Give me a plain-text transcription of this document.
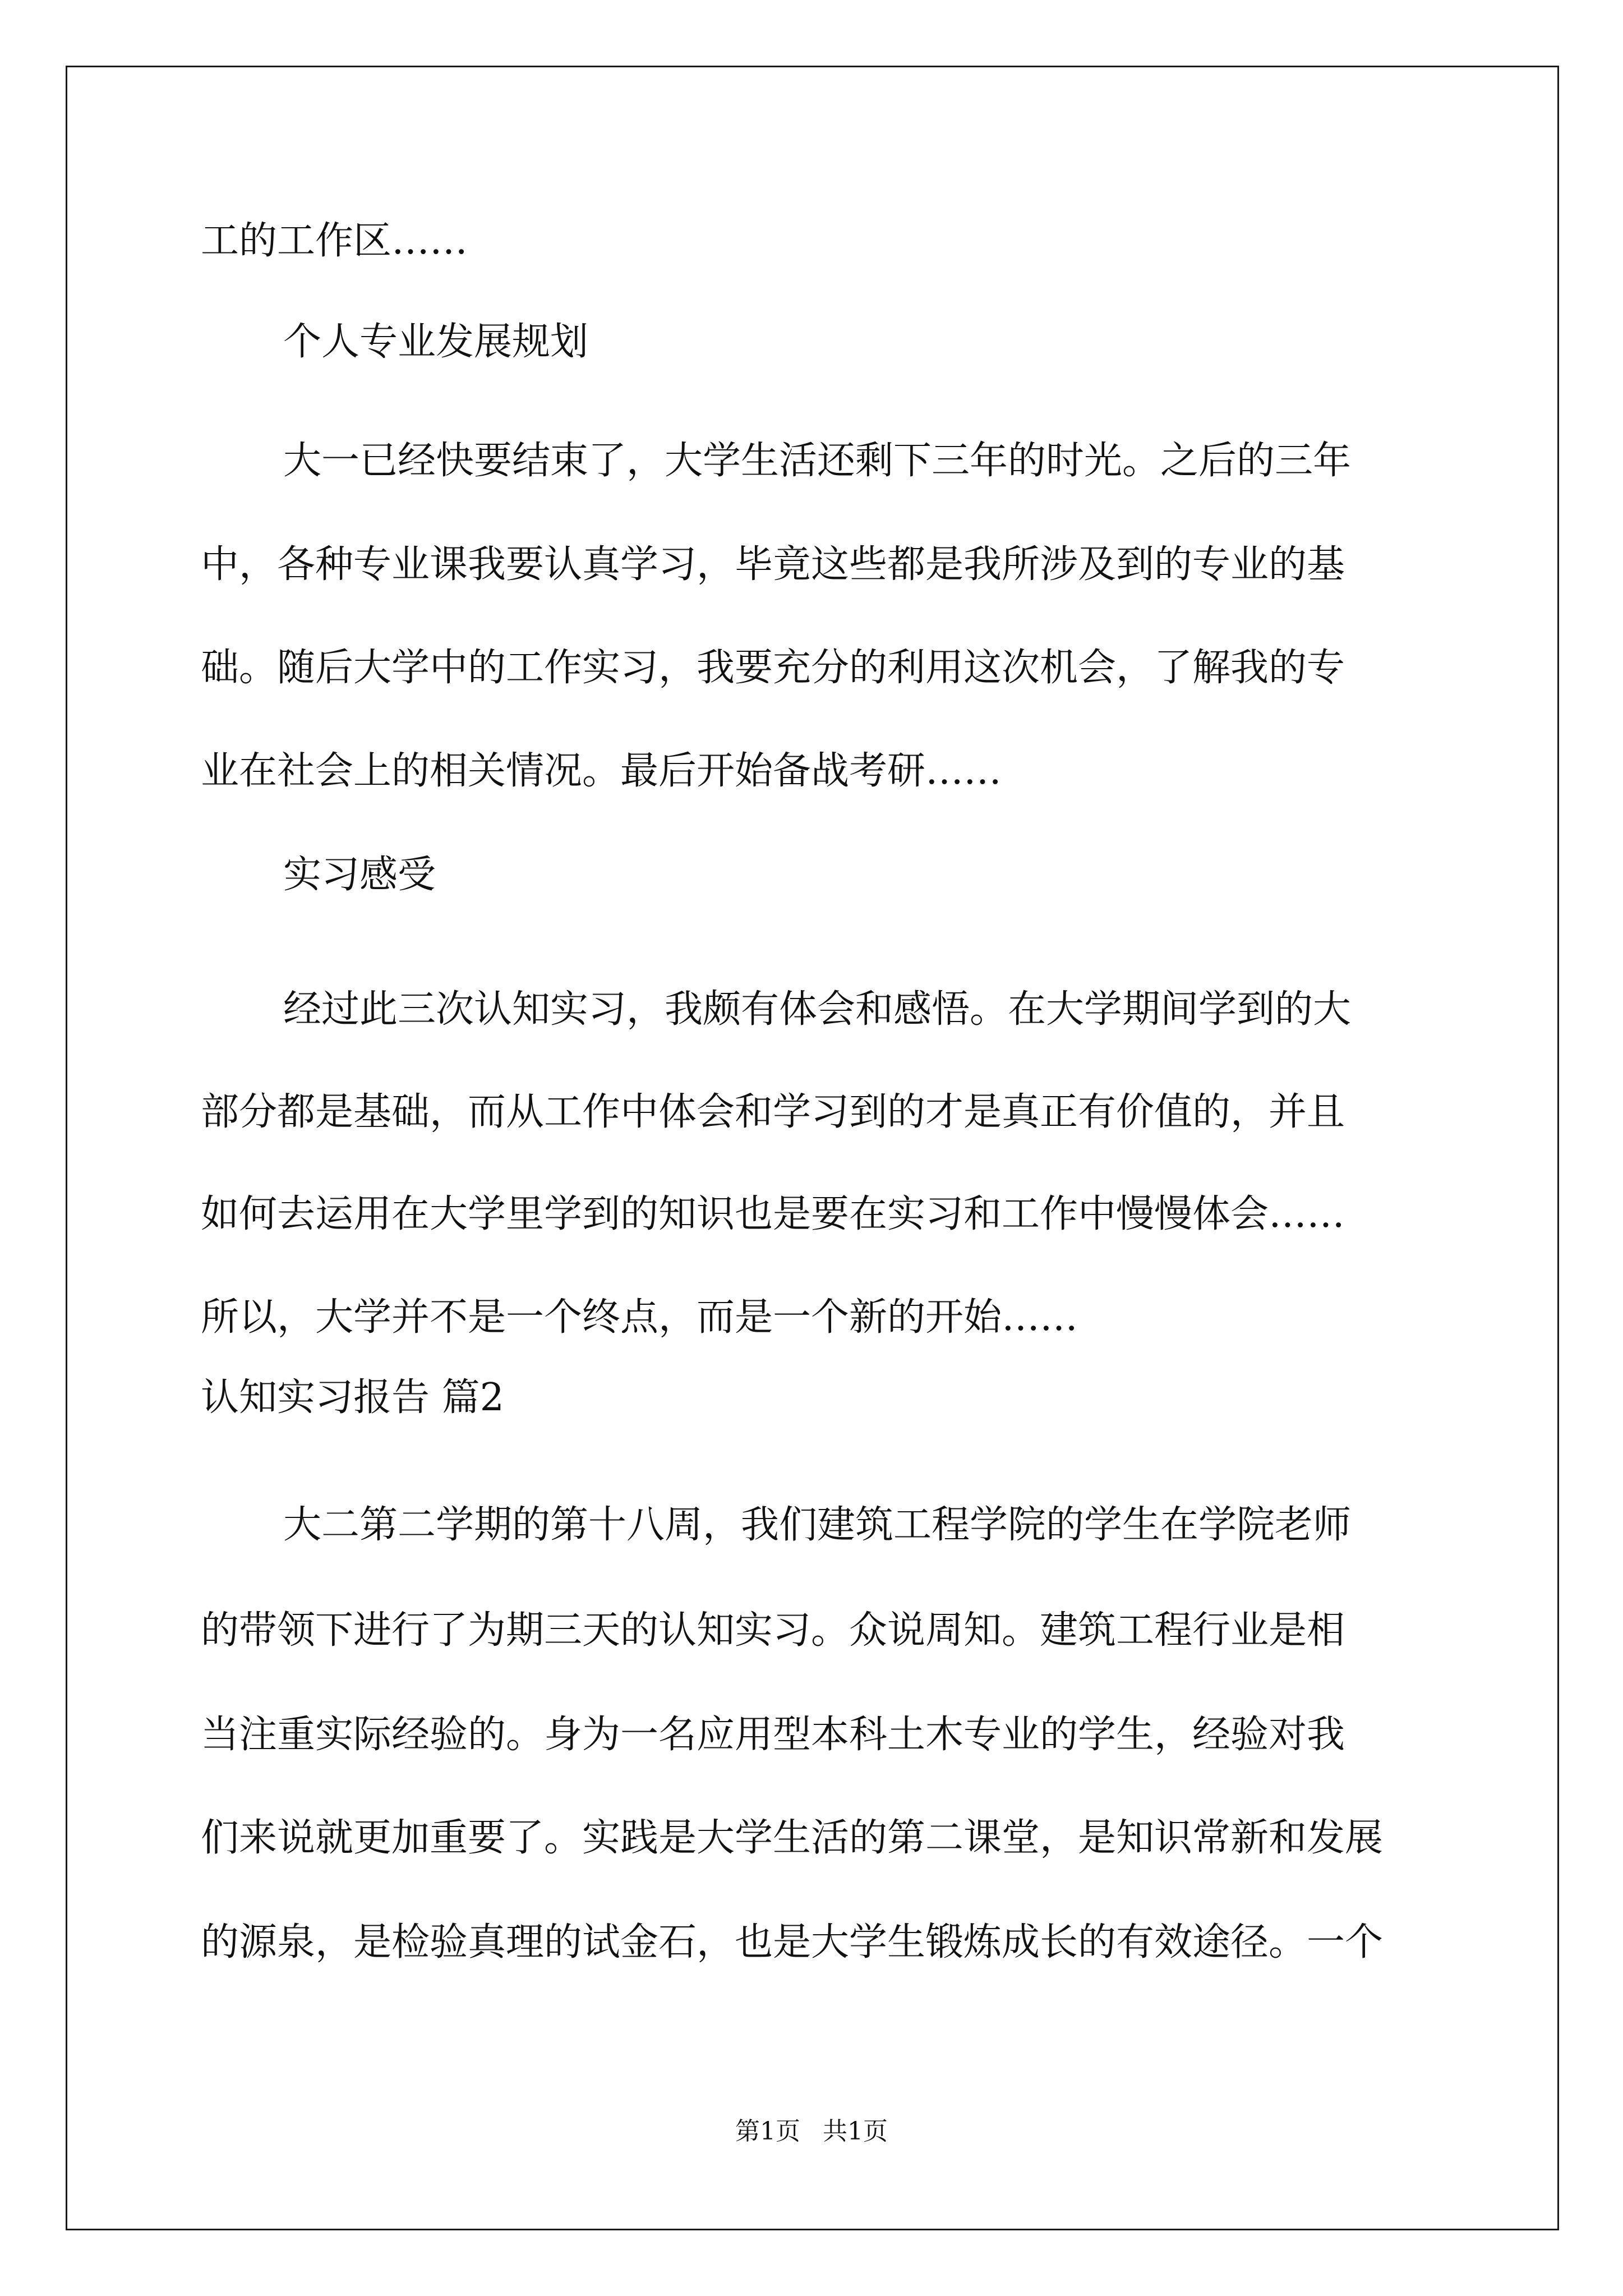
工的工作区……
个人专业发展规划
大一已经快要结束了，大学生活还剩下三年的时光。之后的三年
中，各种专业课我要认真学习，毕竟这些都是我所涉及到的专业的基
础。随后大学中的工作实习，我要充分的利用这次机会，了解我的专
业在社会上的相关情况。最后开始备战考研……
实习感受
经过此三次认知实习，我颇有体会和感悟。在大学期间学到的大
部分都是基础，而从工作中体会和学习到的才是真正有价值的，并且
如何去运用在大学里学到的知识也是要在实习和工作中慢慢体会……
所以，大学并不是一个终点，而是一个新的开始……
认知实习报告 篇2
大二第二学期的第十八周，我们建筑工程学院的学生在学院老师
的带领下进行了为期三天的认知实习。众说周知。建筑工程行业是相
当注重实际经验的。身为一名应用型本科土木专业的学生，经验对我
们来说就更加重要了。实践是大学生活的第二课堂，是知识常新和发展
的源泉，是检验真理的试金石，也是大学生锻炼成长的有效途径。一个
第1页 共1页
